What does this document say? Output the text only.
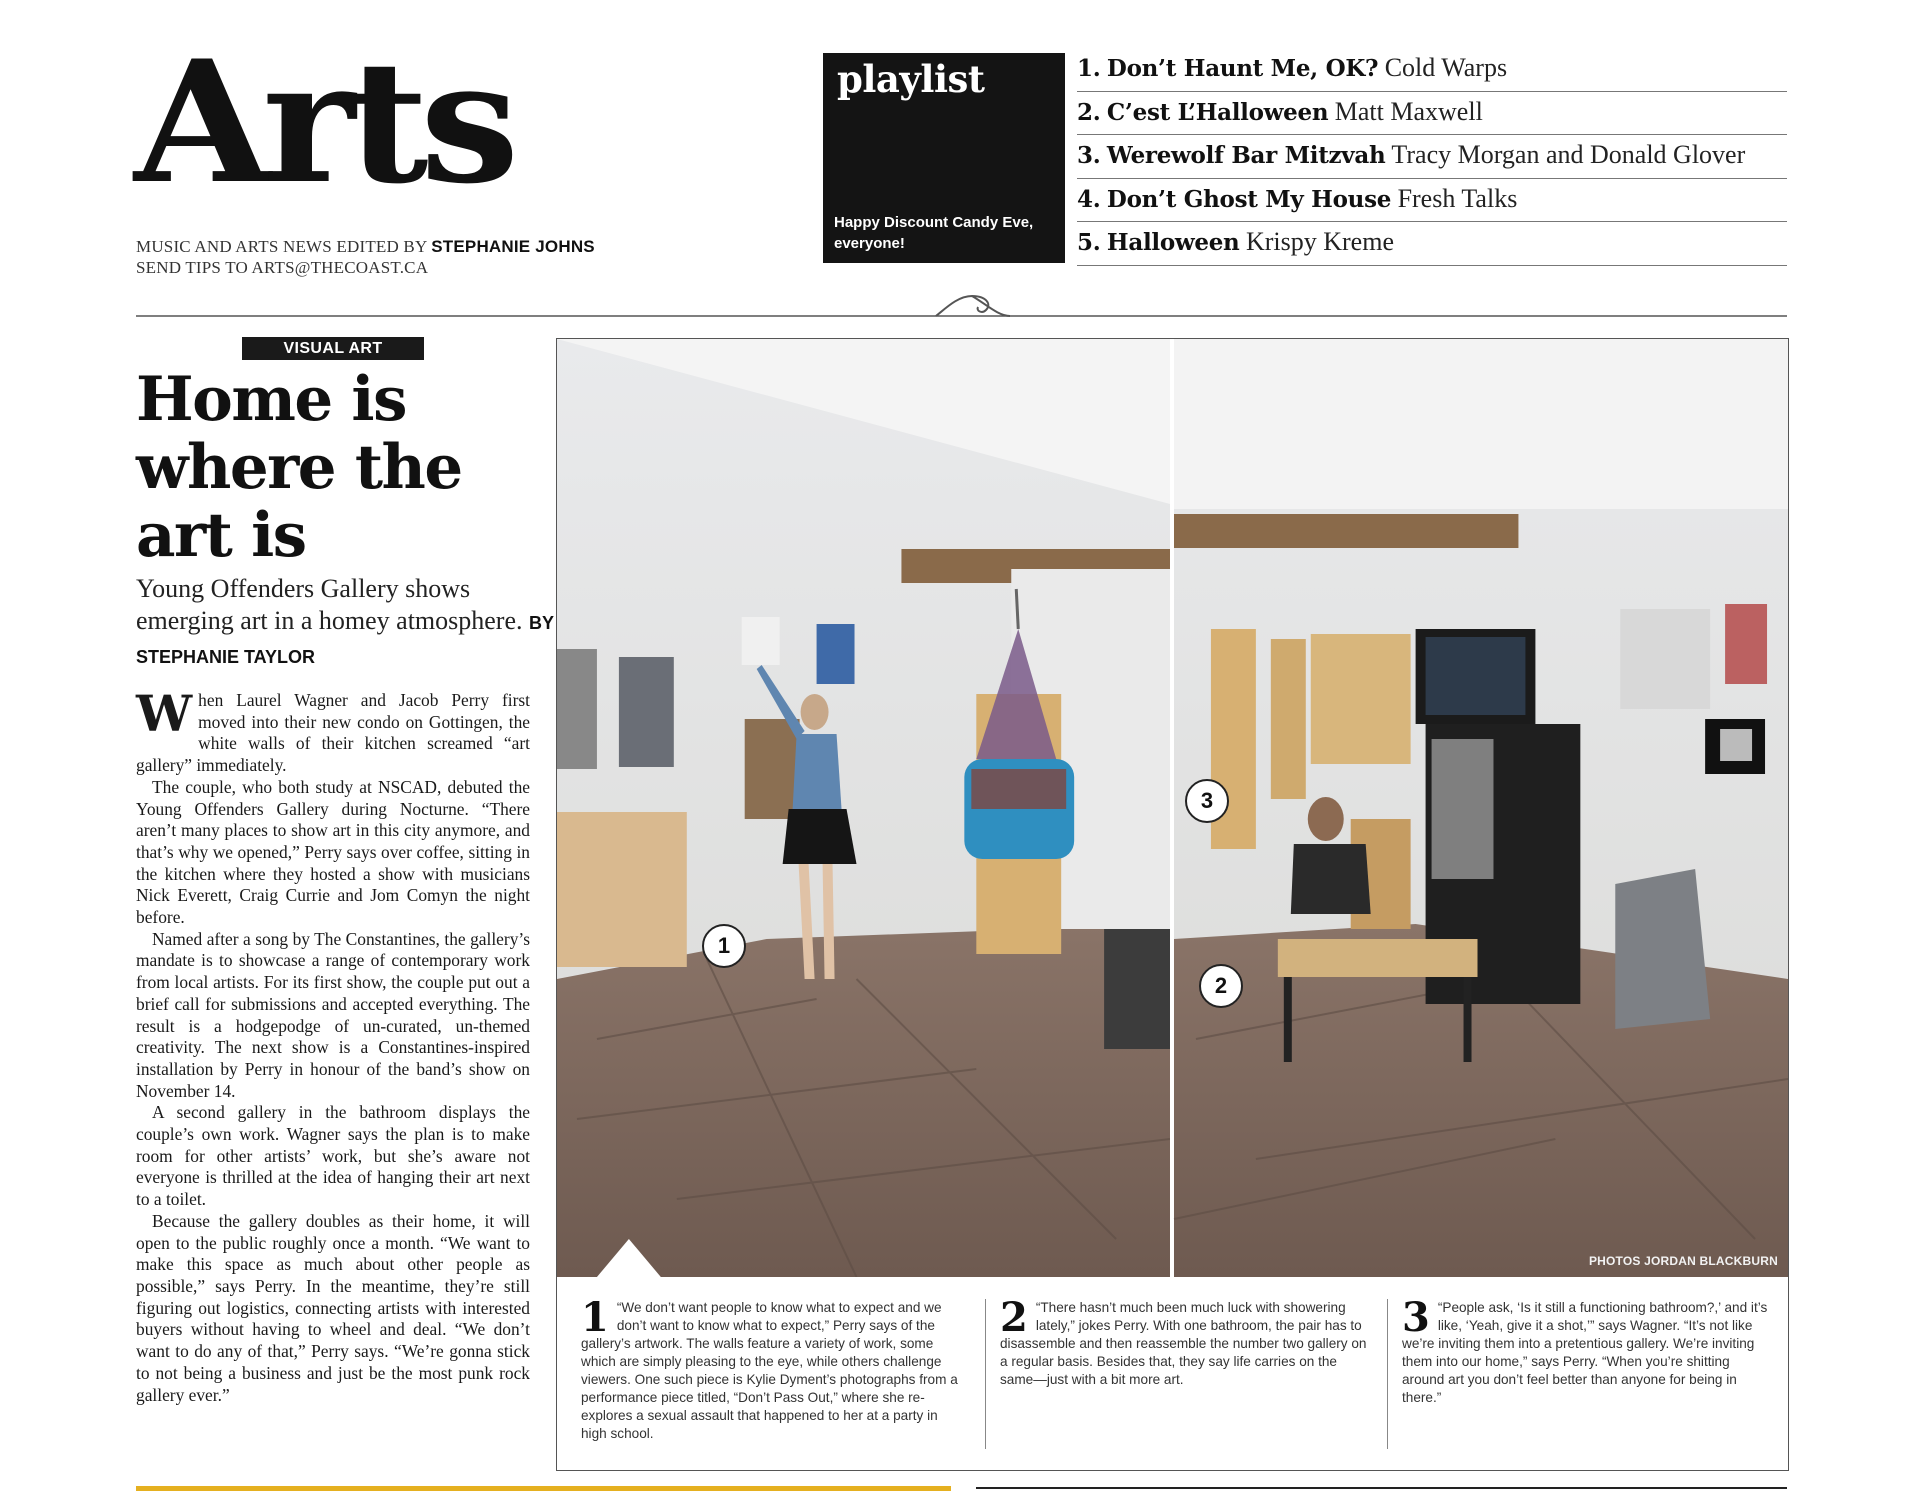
Arts
MUSIC AND ARTS NEWS EDITED BY STEPHANIE JOHNS
SEND TIPS TO ARTS@THECOAST.CA
playlist
Happy Discount Candy Eve, everyone!
1. Don’t Haunt Me, OK? Cold Warps
2. C’est L’Halloween Matt Maxwell
3. Werewolf Bar Mitzvah Tracy Morgan and Donald Glover
4. Don’t Ghost My House Fresh Talks
5. Halloween Krispy Kreme
VISUAL ART
Home is where the art is
Young Offenders Gallery shows emerging art in a homey atmosphere. BY STEPHANIE TAYLOR

When Laurel Wagner and Jacob Perry first moved into their new condo on Gottingen, the white walls of their kitchen screamed “art gallery” immediately.

The couple, who both study at NSCAD, debuted the Young Offenders Gallery during Nocturne. “There aren’t many places to show art in this city anymore, and that’s why we opened,” Perry says over coffee, sitting in the kitchen where they hosted a show with musicians Nick Everett, Craig Currie and Jom Comyn the night before.

Named after a song by The Constantines, the gallery’s mandate is to showcase a range of contemporary work from local artists. For its first show, the couple put out a brief call for submissions and accepted everything. The result is a hodgepodge of un-curated, un-themed creativity. The next show is a Constantines-inspired installation by Perry in honour of the band’s show on November 14.

A second gallery in the bathroom displays the couple’s own work. Wagner says the plan is to make room for other artists’ work, but she’s aware not everyone is thrilled at the idea of hanging their art next to a toilet.

Because the gallery doubles as their home, it will open to the public roughly once a month. “We want to make this space as much about other people as possible,” says Perry. In the meantime, they’re still figuring out logistics, connecting artists with interested buyers without having to wheel and deal. “We don’t want to do any of that,” Perry says. “We’re gonna stick to not being a business and just be the most punk rock gallery ever.”

1
2
3
PHOTOS JORDAN BLACKBURN
1 “We don’t want people to know what to expect and we don’t want to know what to expect,” Perry says of the gallery’s artwork. The walls feature a variety of work, some which are simply pleasing to the eye, while others challenge viewers. One such piece is Kylie Dyment’s photographs from a performance piece titled, “Don’t Pass Out,” where she re-explores a sexual assault that happened to her at a party in high school.
2 “There hasn’t much been much luck with showering lately,” jokes Perry. With one bathroom, the pair has to disassemble and then reassemble the number two gallery on a regular basis. Besides that, they say life carries on the same—just with a bit more art.
3 “People ask, ‘Is it still a functioning bathroom?,’ and it’s like, ‘Yeah, give it a shot,’” says Wagner. “It’s not like we’re inviting them into a pretentious gallery. We’re inviting them into our home,” says Perry. “When you’re shitting around art you don’t feel better than anyone for being in there.”
